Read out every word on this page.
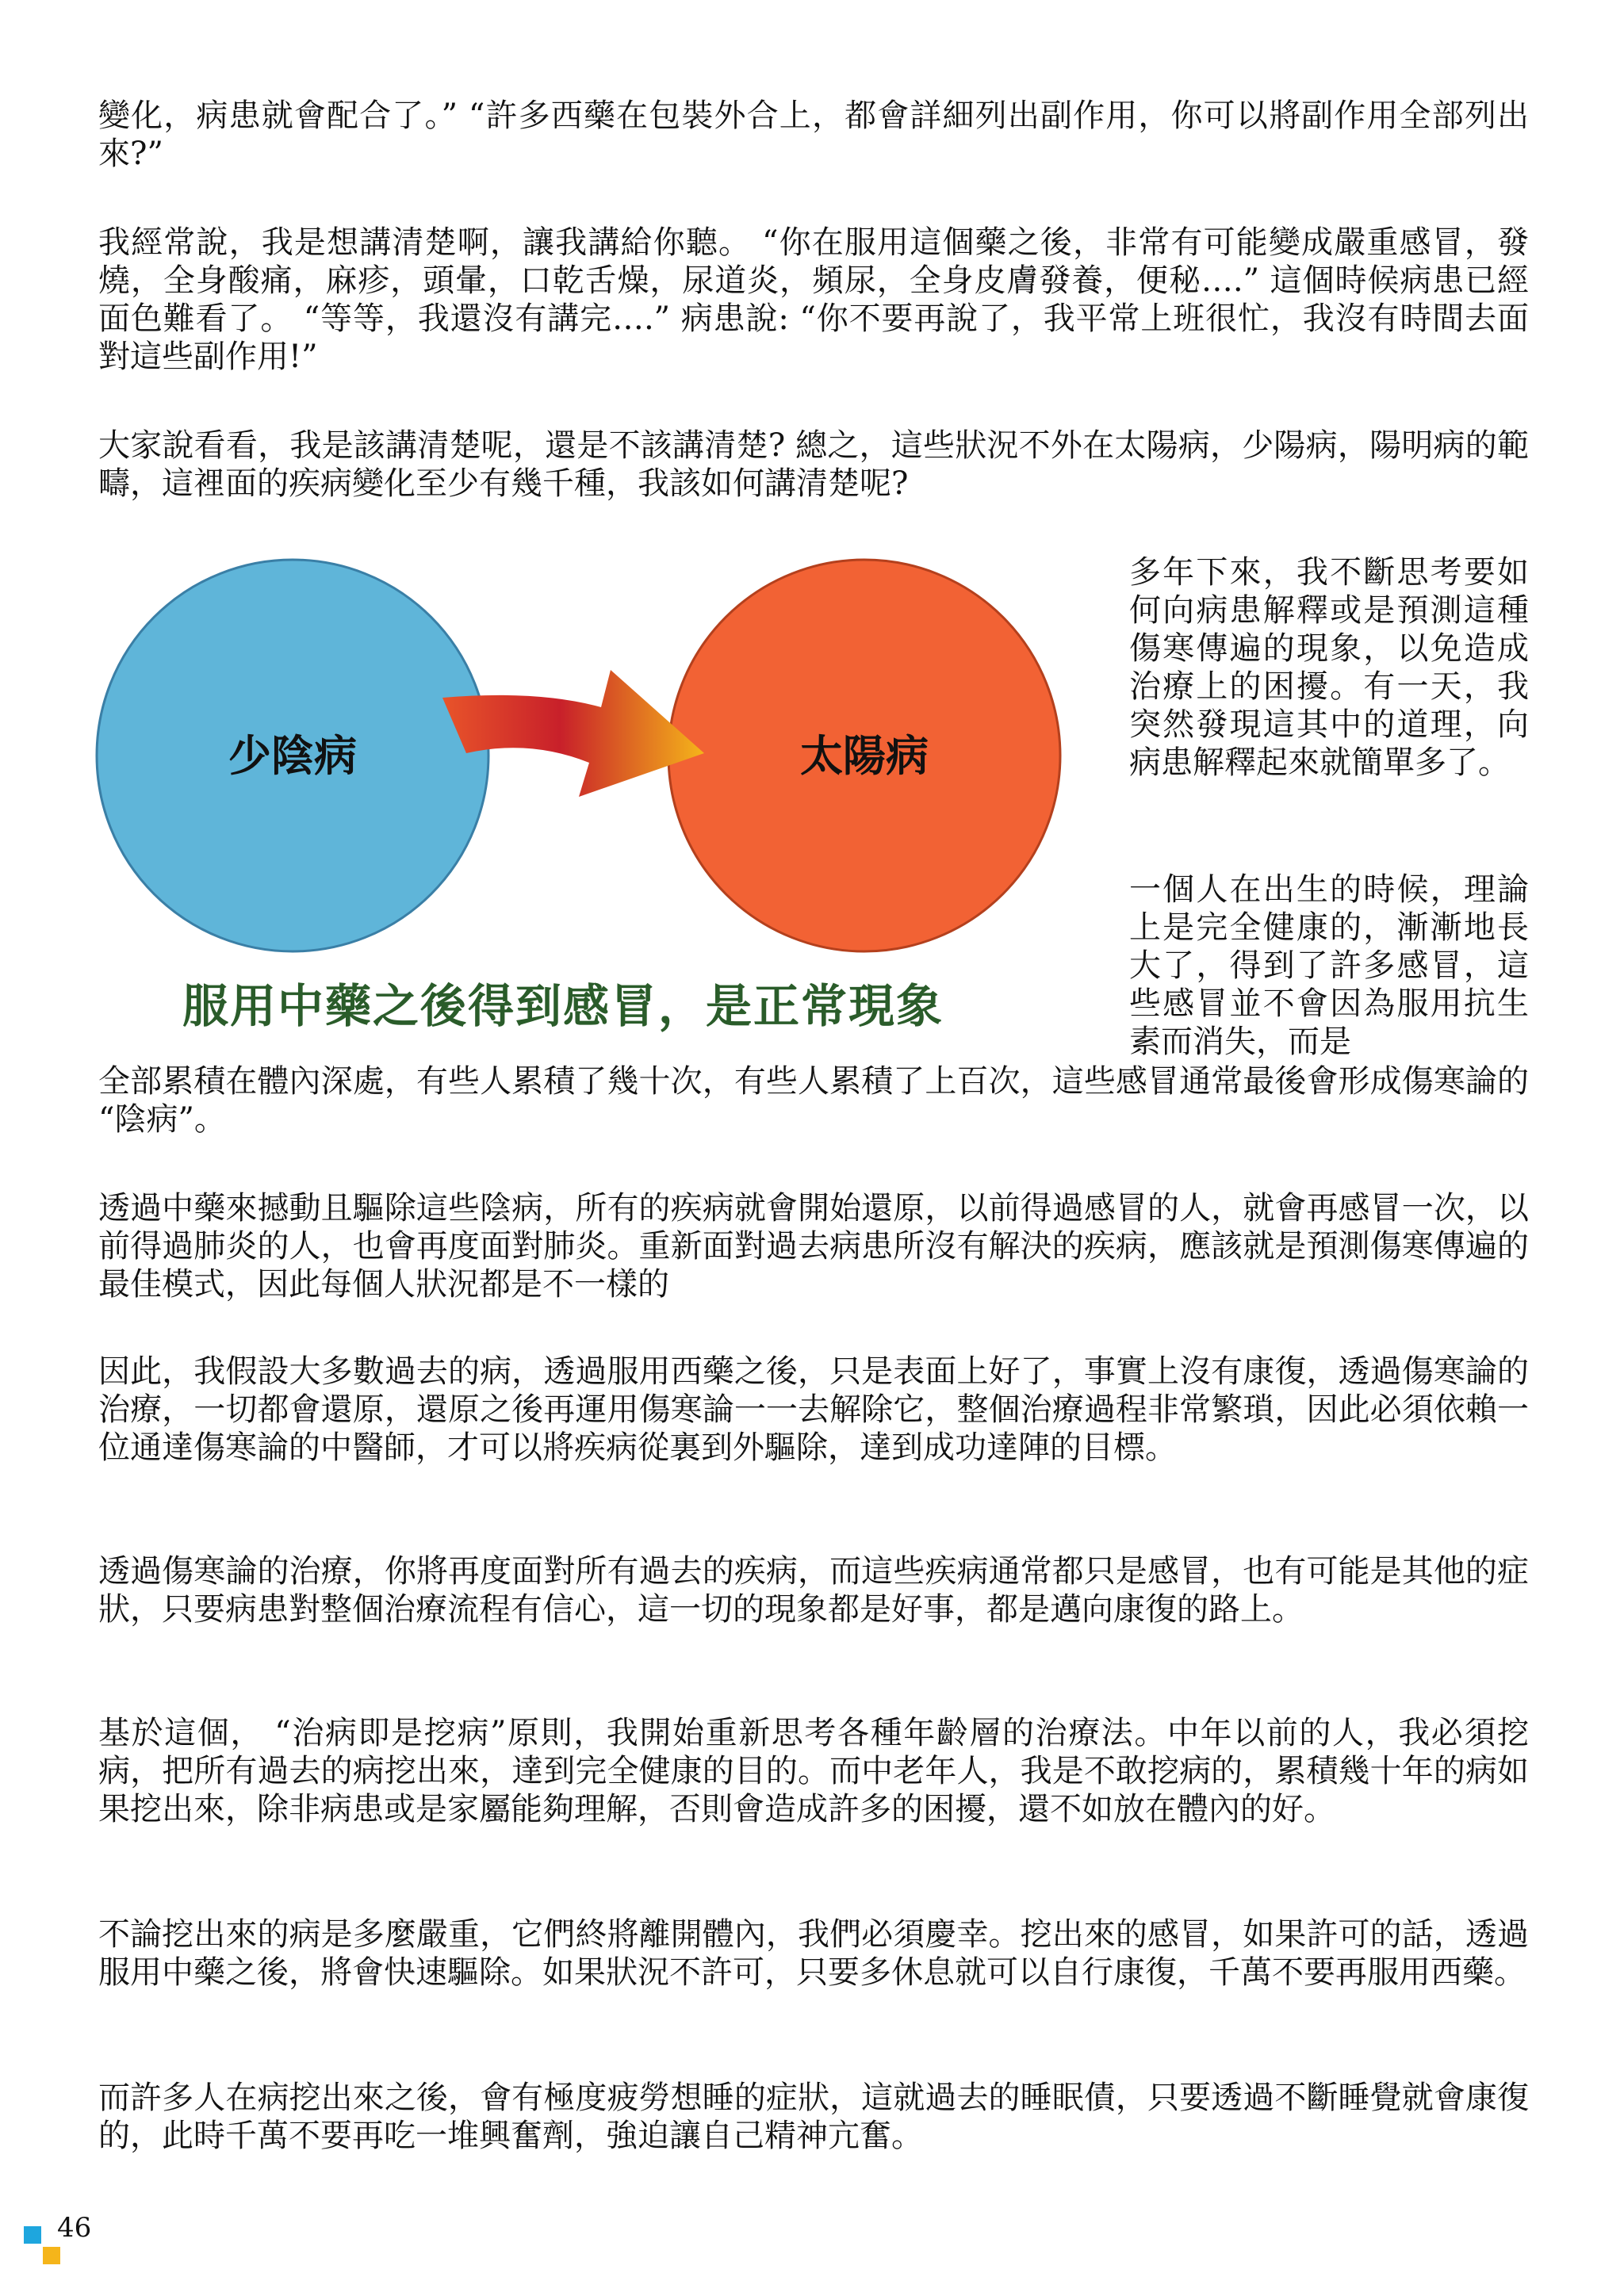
變化，病患就會配合了。” “許多西藥在包裝外合上，都會詳細列出副作用，你可以將副作用全部列出來?”

我經常說，我是想講清楚啊，讓我講給你聽。 “你在服用這個藥之後，非常有可能變成嚴重感冒，發燒，全身酸痛，麻疹，頭暈，口乾舌燥，尿道炎，頻尿，全身皮膚發養，便秘….” 這個時候病患已經面色難看了。 “等等，我還沒有講完….” 病患說: “你不要再說了，我平常上班很忙，我沒有時間去面對這些副作用!”

大家說看看，我是該講清楚呢，還是不該講清楚? 總之，這些狀況不外在太陽病，少陽病，陽明病的範疇，這裡面的疾病變化至少有幾千種，我該如何講清楚呢?

少陰病	太陽病

服用中藥之後得到感冒，是正常現象

多年下來，我不斷思考要如何向病患解釋或是預測這種傷寒傳遍的現象，以免造成治療上的困擾。有一天，我突然發現這其中的道理，向病患解釋起來就簡單多了。

一個人在出生的時候，理論上是完全健康的，漸漸地長大了，得到了許多感冒，這些感冒並不會因為服用抗生素而消失，而是

全部累積在體內深處，有些人累積了幾十次，有些人累積了上百次，這些感冒通常最後會形成傷寒論的 “陰病”。

透過中藥來撼動且驅除這些陰病，所有的疾病就會開始還原，以前得過感冒的人，就會再感冒一次，以前得過肺炎的人，也會再度面對肺炎。重新面對過去病患所沒有解決的疾病，應該就是預測傷寒傳遍的最佳模式，因此每個人狀況都是不一樣的

因此，我假設大多數過去的病，透過服用西藥之後，只是表面上好了，事實上沒有康復，透過傷寒論的治療，一切都會還原，還原之後再運用傷寒論一一去解除它，整個治療過程非常繁瑣，因此必須依賴一位通達傷寒論的中醫師，才可以將疾病從裏到外驅除，達到成功達陣的目標。

透過傷寒論的治療，你將再度面對所有過去的疾病，而這些疾病通常都只是感冒，也有可能是其他的症狀，只要病患對整個治療流程有信心，這一切的現象都是好事，都是邁向康復的路上。

基於這個， “治病即是挖病”原則，我開始重新思考各種年齡層的治療法。中年以前的人，我必須挖病，把所有過去的病挖出來，達到完全健康的目的。而中老年人，我是不敢挖病的，累積幾十年的病如果挖出來，除非病患或是家屬能夠理解，否則會造成許多的困擾，還不如放在體內的好。

不論挖出來的病是多麼嚴重，它們終將離開體內，我們必須慶幸。挖出來的感冒，如果許可的話，透過服用中藥之後，將會快速驅除。如果狀況不許可，只要多休息就可以自行康復，千萬不要再服用西藥。

而許多人在病挖出來之後，會有極度疲勞想睡的症狀，這就過去的睡眠債，只要透過不斷睡覺就會康復的，此時千萬不要再吃一堆興奮劑，強迫讓自己精神亢奮。

46
